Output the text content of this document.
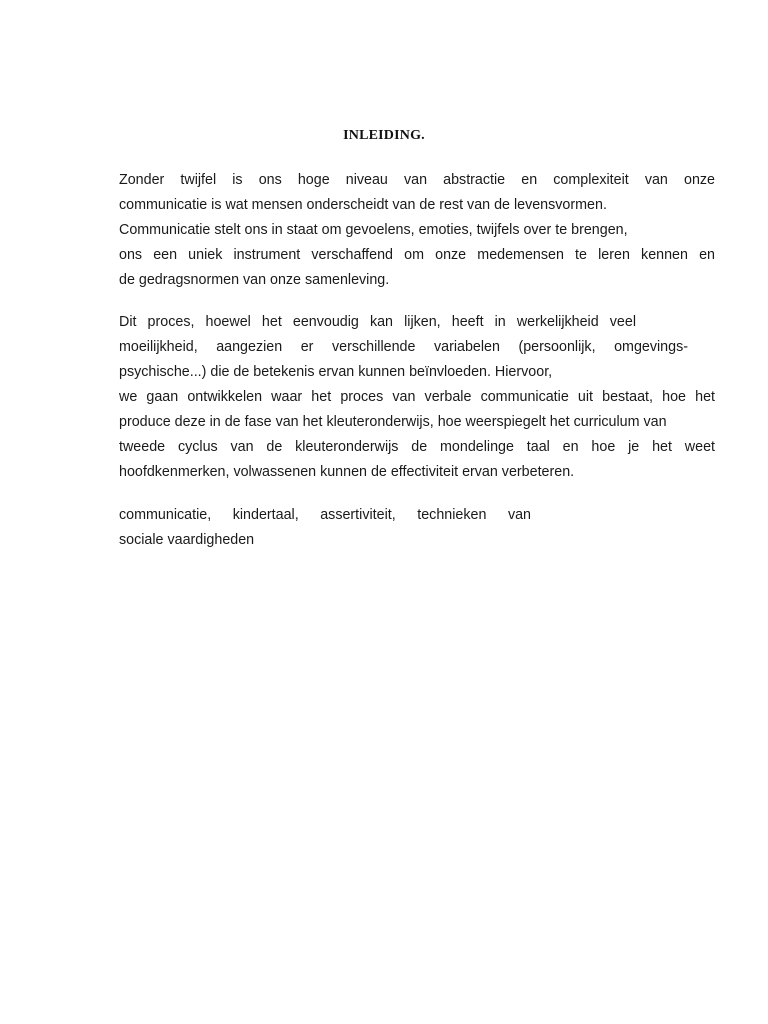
INLEIDING.
Zonder twijfel is ons hoge niveau van abstractie en complexiteit van onze
communicatie is wat mensen onderscheidt van de rest van de levensvormen.
Communicatie stelt ons in staat om gevoelens, emoties, twijfels over te brengen,
ons een uniek instrument verschaffend om onze medemensen te leren kennen en
de gedragsnormen van onze samenleving.
Dit proces, hoewel het eenvoudig kan lijken, heeft in werkelijkheid veel
moeilijkheid, aangezien er verschillende variabelen (persoonlijk, omgevings-
psychische...) die de betekenis ervan kunnen beïnvloeden. Hiervoor,
we gaan ontwikkelen waar het proces van verbale communicatie uit bestaat, hoe het
produce deze in de fase van het kleuteronderwijs, hoe weerspiegelt het curriculum van
tweede cyclus van de kleuteronderwijs de mondelinge taal en hoe je het weet
hoofdkenmerken, volwassenen kunnen de effectiviteit ervan verbeteren.
communicatie, kindertaal, assertiviteit, technieken van
sociale vaardigheden
